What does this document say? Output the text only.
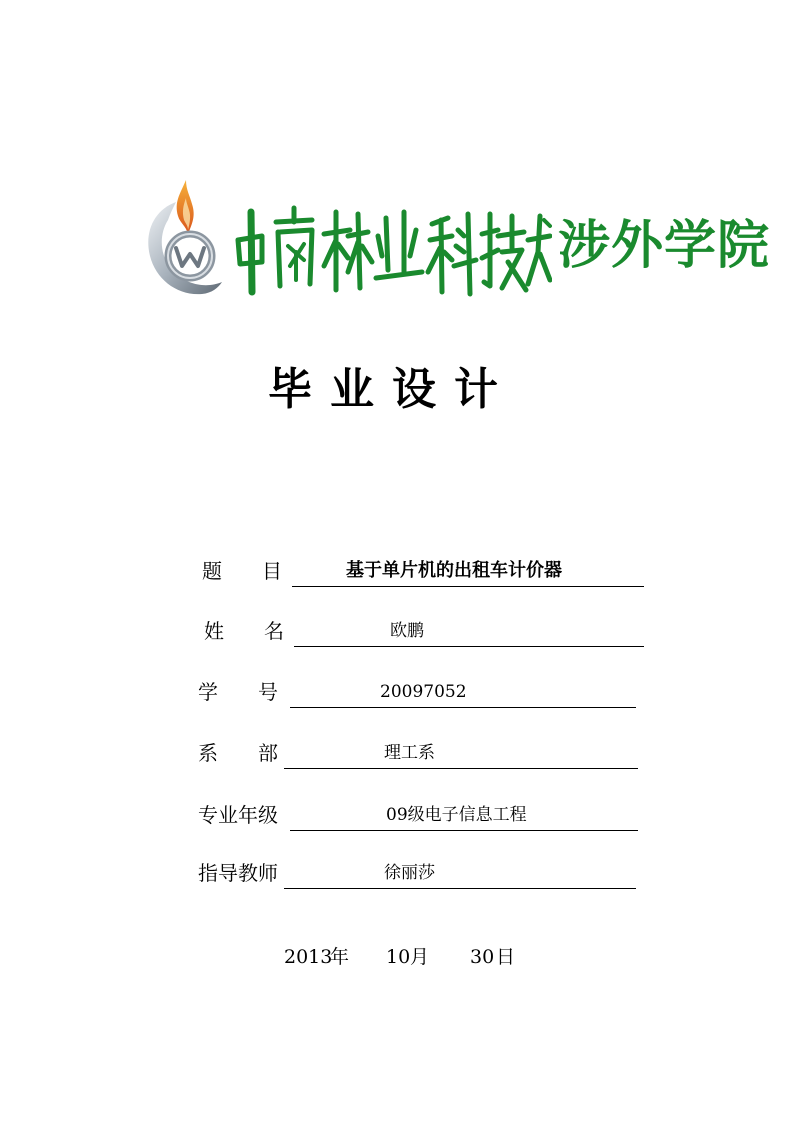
涉外学院
毕业设计
题　　目	基于单片机的出租车计价器
姓　　名	欧鹏
学　　号	20097052
系　　部	理工系
专业年级	09级电子信息工程
指导教师	徐丽莎
2013
年 10 月 30 日
